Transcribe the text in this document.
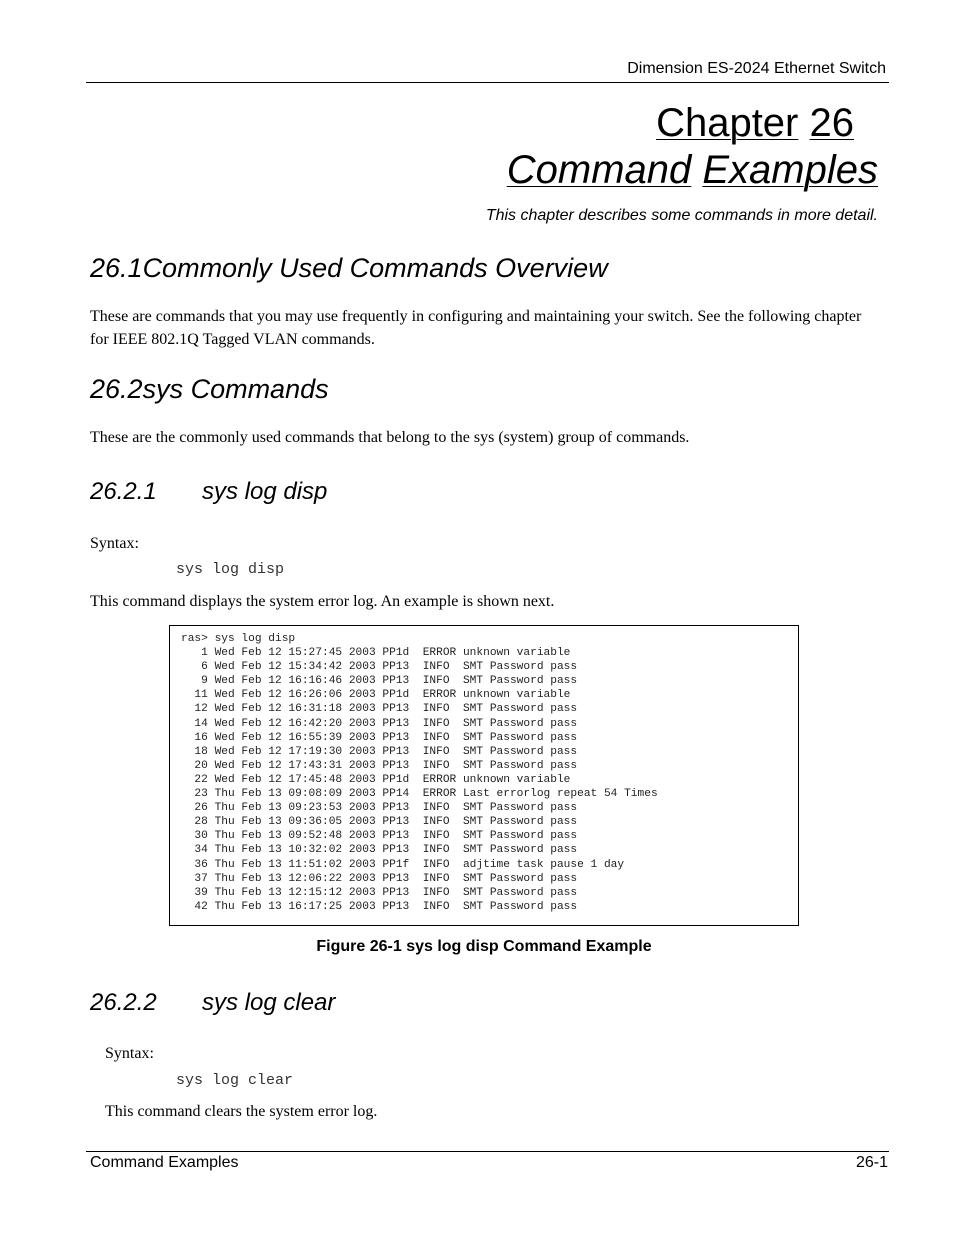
Dimension ES-2024 Ethernet Switch
Chapter 26
Command Examples
This chapter describes some commands in more detail.
26.1Commonly Used Commands Overview
These are commands that you may use frequently in configuring and maintaining your switch. See the following chapter for IEEE 802.1Q Tagged VLAN commands.
26.2sys Commands
These are the commonly used commands that belong to the sys (system) group of commands.
26.2.1 sys log disp
Syntax:
sys log disp
This command displays the system error log. An example is shown next.
ras> sys log disp
1 Wed Feb 12 15:27:45 2003 PP1d  ERROR unknown variable
6 Wed Feb 12 15:34:42 2003 PP13  INFO  SMT Password pass
9 Wed Feb 12 16:16:46 2003 PP13  INFO  SMT Password pass
11 Wed Feb 12 16:26:06 2003 PP1d  ERROR unknown variable
12 Wed Feb 12 16:31:18 2003 PP13  INFO  SMT Password pass
14 Wed Feb 12 16:42:20 2003 PP13  INFO  SMT Password pass
16 Wed Feb 12 16:55:39 2003 PP13  INFO  SMT Password pass
18 Wed Feb 12 17:19:30 2003 PP13  INFO  SMT Password pass
20 Wed Feb 12 17:43:31 2003 PP13  INFO  SMT Password pass
22 Wed Feb 12 17:45:48 2003 PP1d  ERROR unknown variable
23 Thu Feb 13 09:08:09 2003 PP14  ERROR Last errorlog repeat 54 Times
26 Thu Feb 13 09:23:53 2003 PP13  INFO  SMT Password pass
28 Thu Feb 13 09:36:05 2003 PP13  INFO  SMT Password pass
30 Thu Feb 13 09:52:48 2003 PP13  INFO  SMT Password pass
34 Thu Feb 13 10:32:02 2003 PP13  INFO  SMT Password pass
36 Thu Feb 13 11:51:02 2003 PP1f  INFO  adjtime task pause 1 day
37 Thu Feb 13 12:06:22 2003 PP13  INFO  SMT Password pass
39 Thu Feb 13 12:15:12 2003 PP13  INFO  SMT Password pass
42 Thu Feb 13 16:17:25 2003 PP13  INFO  SMT Password pass
Figure 26-1 sys log disp Command Example
26.2.2 sys log clear
Syntax:
sys log clear
This command clears the system error log.
Command Examples	26-1
